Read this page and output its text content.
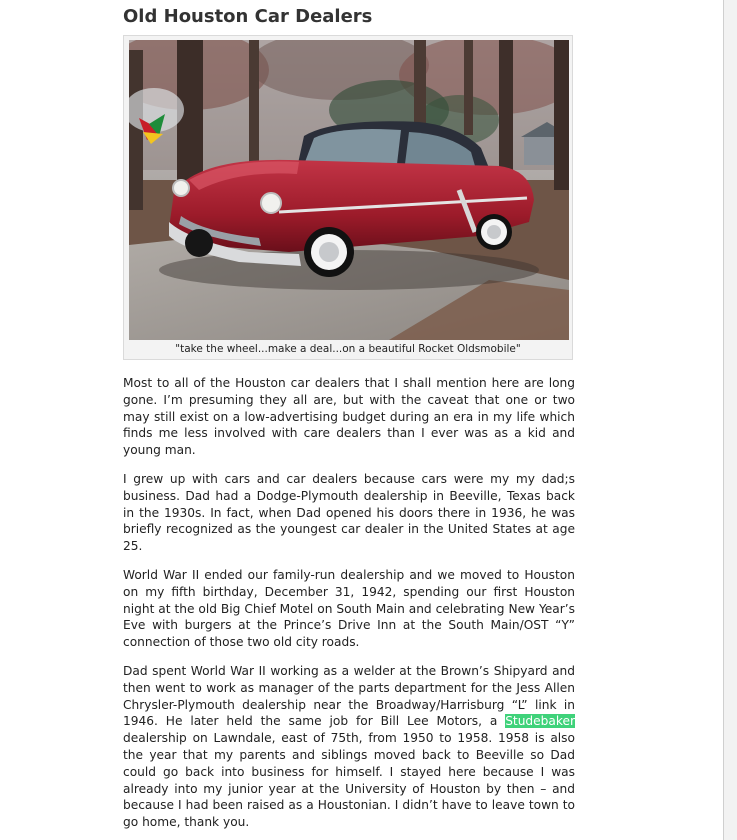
Old Houston Car Dealers
"take the wheel...make a deal...on a beautiful Rocket Oldsmobile"

Most to all of the Houston car dealers that I shall mention here are long gone. I’m presuming they all are, but with the caveat that one or two may still exist on a low-advertising budget during an era in my life which finds me less involved with care dealers than I ever was as a kid and young man.

I grew up with cars and car dealers because cars were my my dad;s business. Dad had a Dodge-Plymouth dealership in Beeville, Texas back in the 1930s. In fact, when Dad opened his doors there in 1936, he was briefly recognized as the youngest car dealer in the United States at age 25.

World War II ended our family-run dealership and we moved to Houston on my fifth birthday, December 31, 1942, spending our first Houston night at the old Big Chief Motel on South Main and celebrating New Year’s Eve with burgers at the Prince’s Drive Inn at the South Main/OST “Y” connection of those two old city roads.

Dad spent World War II working as a welder at the Brown’s Shipyard and then went to work as manager of the parts department for the Jess Allen Chrysler-Plymouth dealership near the Broadway/Harrisburg “L” link in 1946. He later held the same job for Bill Lee Motors, a Studebaker dealership on Lawndale, east of 75th, from 1950 to 1958. 1958 is also the year that my parents and siblings moved back to Beeville so Dad could go back into business for himself. I stayed here because I was already into my junior year at the University of Houston by then – and because I had been raised as a Houstonian. I didn’t have to leave town to go home, thank you.
